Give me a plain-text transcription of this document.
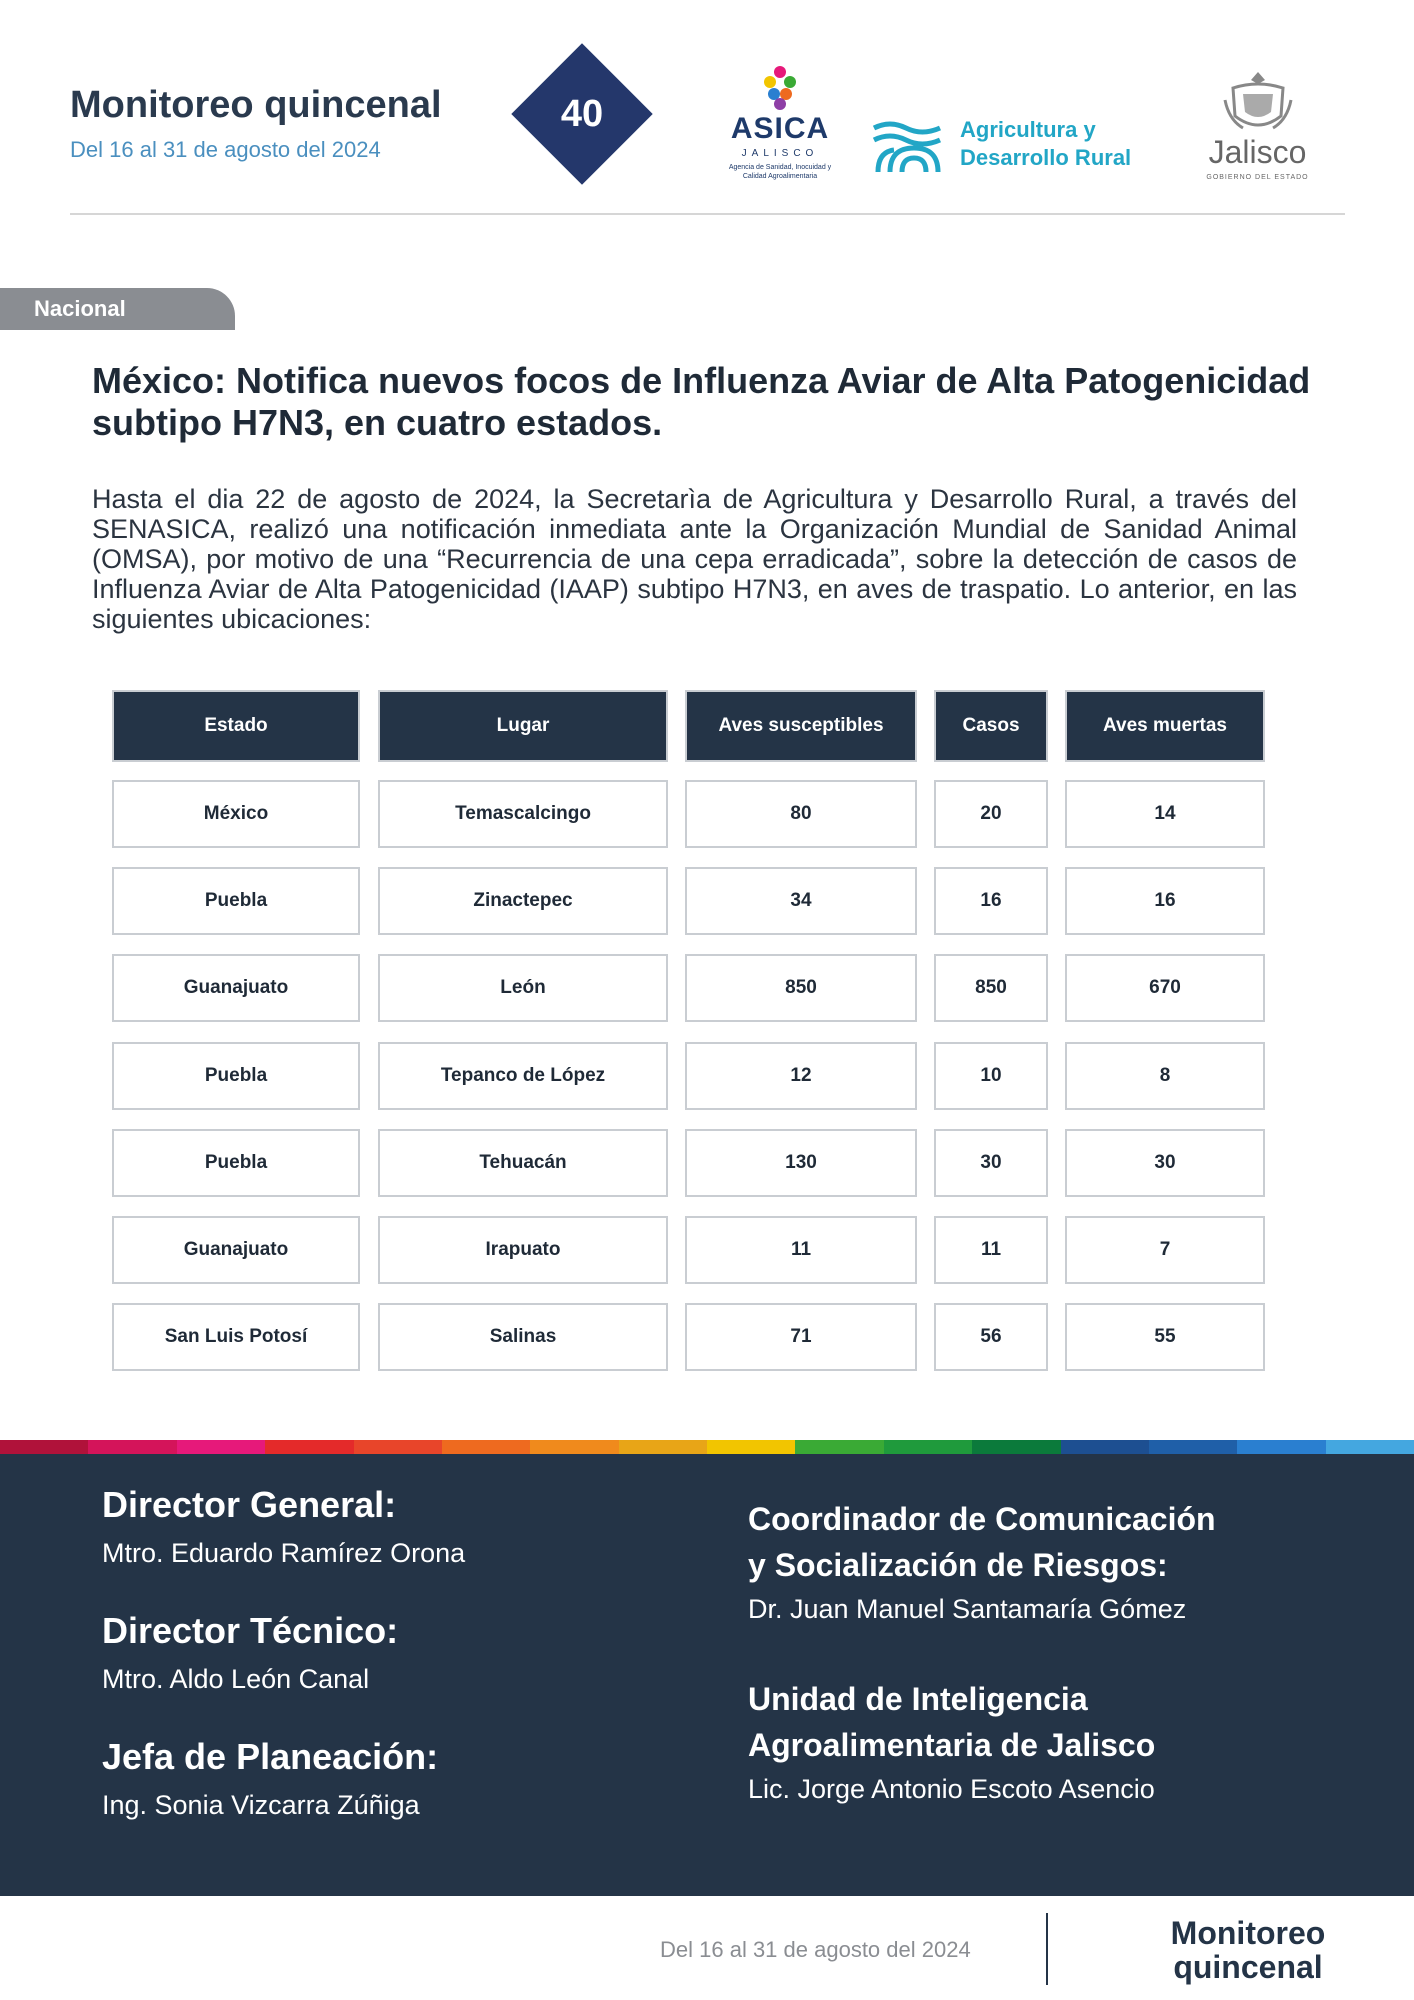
Monitoreo quincenal
Del 16 al 31 de agosto del 2024
40	ASICA
JALISCO
Agencia de Sanidad, Inocuidad y Calidad Agroalimentaria
Agricultura y
Desarrollo Rural	Jalisco
GOBIERNO DEL ESTADO
Nacional
México: Notifica nuevos focos de Influenza Aviar de Alta Patogenicidad subtipo H7N3, en cuatro estados.
Hasta el dia 22 de agosto de 2024, la Secretarìa de Agricultura y Desarrollo Rural, a través del SENASICA, realizó una notificación inmediata ante la Organización Mundial de Sanidad Animal (OMSA), por motivo de una “Recurrencia de una cepa erradicada”, sobre la detección de casos de Influenza Aviar de Alta Patogenicidad (IAAP) subtipo H7N3, en aves de traspatio. Lo anterior, en las siguientes ubicaciones:
Estado	Lugar	Aves susceptibles	Casos	Aves muertas
México	Temascalcingo	80	20	14
Puebla	Zinactepec	34	16	16
Guanajuato	León	850	850	670
Puebla	Tepanco de López	12	10	8
Puebla	Tehuacán	130	30	30
Guanajuato	Irapuato	11	11	7
San Luis Potosí	Salinas	71	56	55
Director General:
Mtro. Eduardo Ramírez Orona
Director Técnico:
Mtro. Aldo León Canal
Jefa de Planeación:
Ing. Sonia Vizcarra Zúñiga
Coordinador de Comunicación
y Socialización de Riesgos:
Dr. Juan Manuel Santamaría Gómez
Unidad de Inteligencia
Agroalimentaria de Jalisco
Lic. Jorge Antonio Escoto Asencio
Del 16 al 31 de agosto del 2024	Monitoreo
quincenal
